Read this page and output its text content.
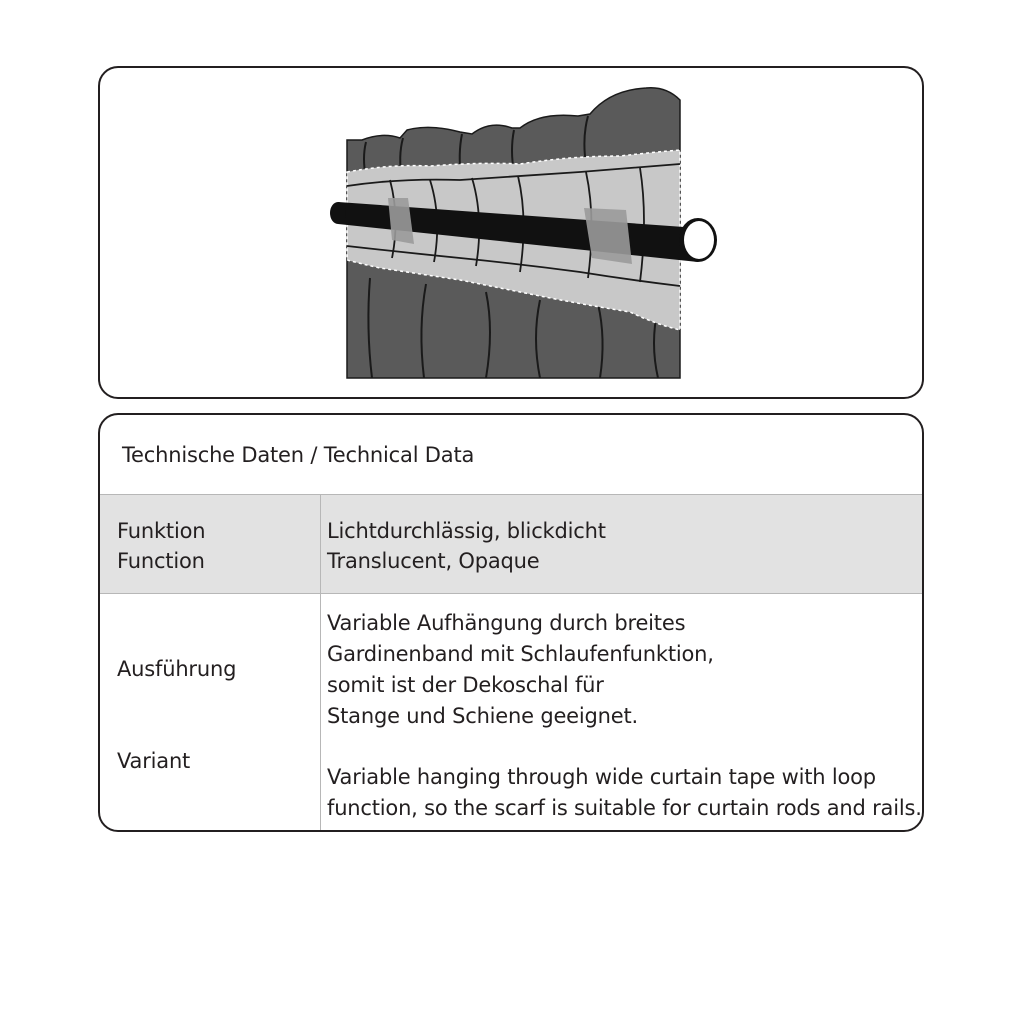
Technische Daten / Technical Data
Funktion
Function
Lichtdurchlässig, blickdicht
Translucent, Opaque
Ausführung
Variant
Variable Aufhängung durch breites
Gardinenband mit Schlaufenfunktion,
somit ist der Dekoschal für
Stange und Schiene geeignet.
Variable hanging through wide curtain tape with loop
function, so the scarf is suitable for curtain rods and rails.
